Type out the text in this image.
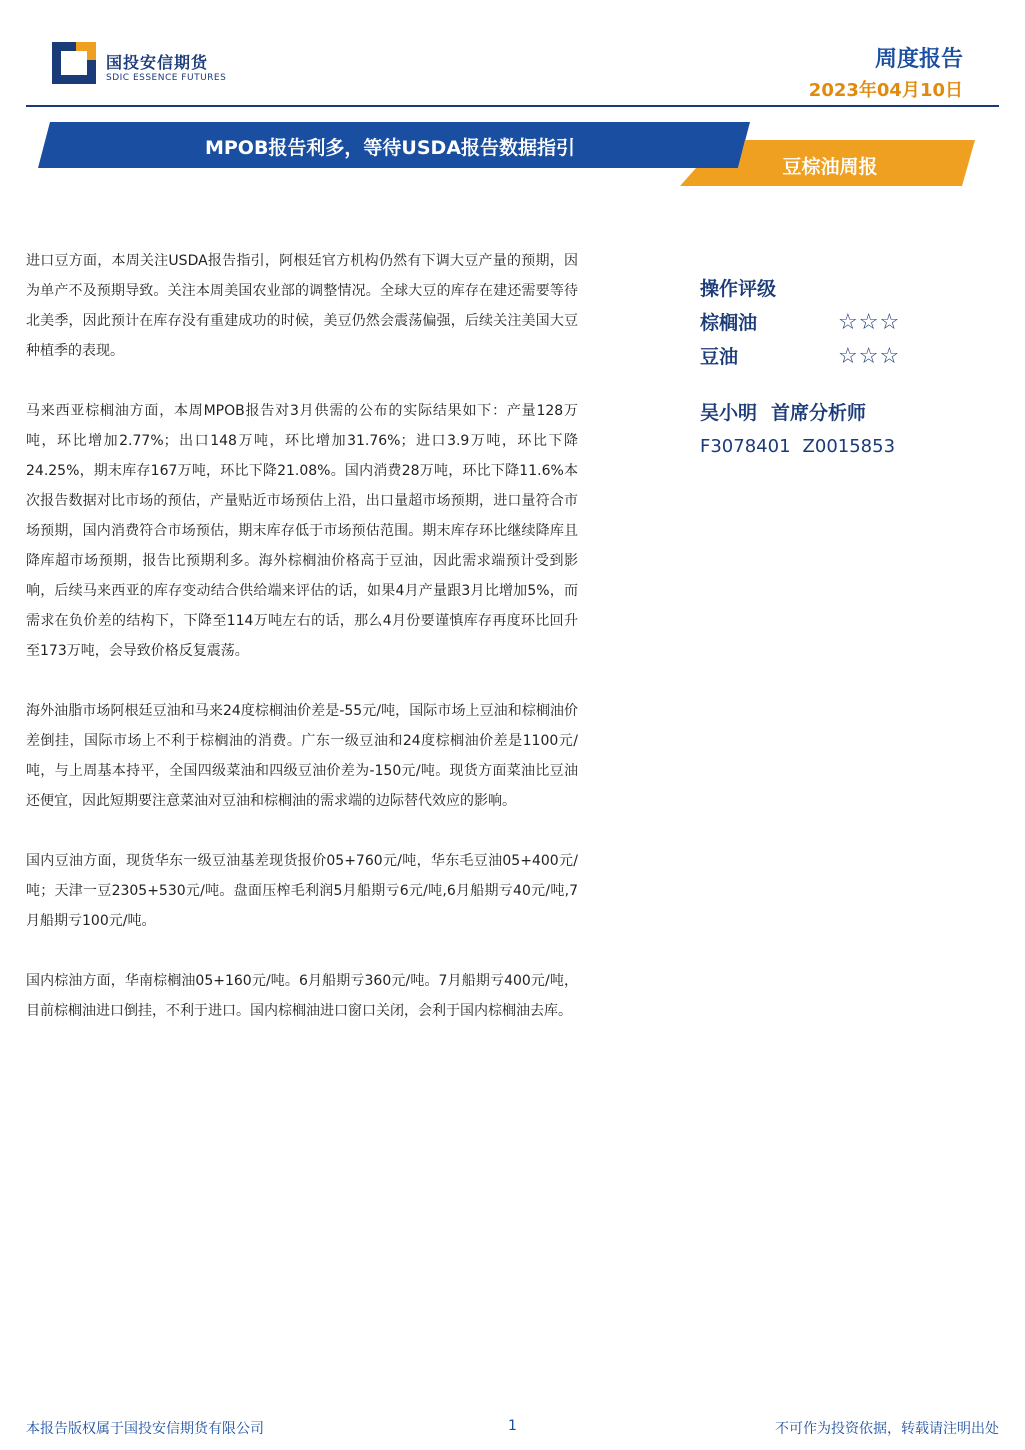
国投安信期货
SDIC ESSENCE FUTURES
周度报告
2023年04月10日
MPOB报告利多，等待USDA报告数据指引
豆棕油周报

进口豆方面，本周关注USDA报告指引，阿根廷官方机构仍然有下调大豆产量的预期，因为单产不及预期导致。关注本周美国农业部的调整情况。全球大豆的库存在建还需要等待北美季，因此预计在库存没有重建成功的时候，美豆仍然会震荡偏强，后续关注美国大豆种植季的表现。

马来西亚棕榈油方面，本周MPOB报告对3月供需的公布的实际结果如下：产量128万吨，环比增加2.77%；出口148万吨，环比增加31.76%；进口3.9万吨，环比下降24.25%，期末库存167万吨，环比下降21.08%。国内消费28万吨，环比下降11.6%本次报告数据对比市场的预估，产量贴近市场预估上沿，出口量超市场预期，进口量符合市场预期，国内消费符合市场预估，期末库存低于市场预估范围。期末库存环比继续降库且降库超市场预期，报告比预期利多。海外棕榈油价格高于豆油，因此需求端预计受到影响，后续马来西亚的库存变动结合供给端来评估的话，如果4月产量跟3月比增加5%，而需求在负价差的结构下，下降至114万吨左右的话，那么4月份要谨慎库存再度环比回升至173万吨，会导致价格反复震荡。

海外油脂市场阿根廷豆油和马来24度棕榈油价差是-55元/吨，国际市场上豆油和棕榈油价差倒挂，国际市场上不利于棕榈油的消费。广东一级豆油和24度棕榈油价差是1100元/吨，与上周基本持平，全国四级菜油和四级豆油价差为-150元/吨。现货方面菜油比豆油还便宜，因此短期要注意菜油对豆油和棕榈油的需求端的边际替代效应的影响。

国内豆油方面，现货华东一级豆油基差现货报价05+760元/吨，华东毛豆油05+400元/吨；天津一豆2305+530元/吨。盘面压榨毛利润5月船期亏6元/吨,6月船期亏40元/吨,7月船期亏100元/吨。

国内棕油方面，华南棕榈油05+160元/吨。6月船期亏360元/吨。7月船期亏400元/吨，目前棕榈油进口倒挂，不利于进口。国内棕榈油进口窗口关闭，会利于国内棕榈油去库。

操作评级
棕榈油	☆☆☆
豆油	☆☆☆
吴小明 首席分析师
F3078401 Z0015853
本报告版权属于国投安信期货有限公司	1	不可作为投资依据，转载请注明出处
